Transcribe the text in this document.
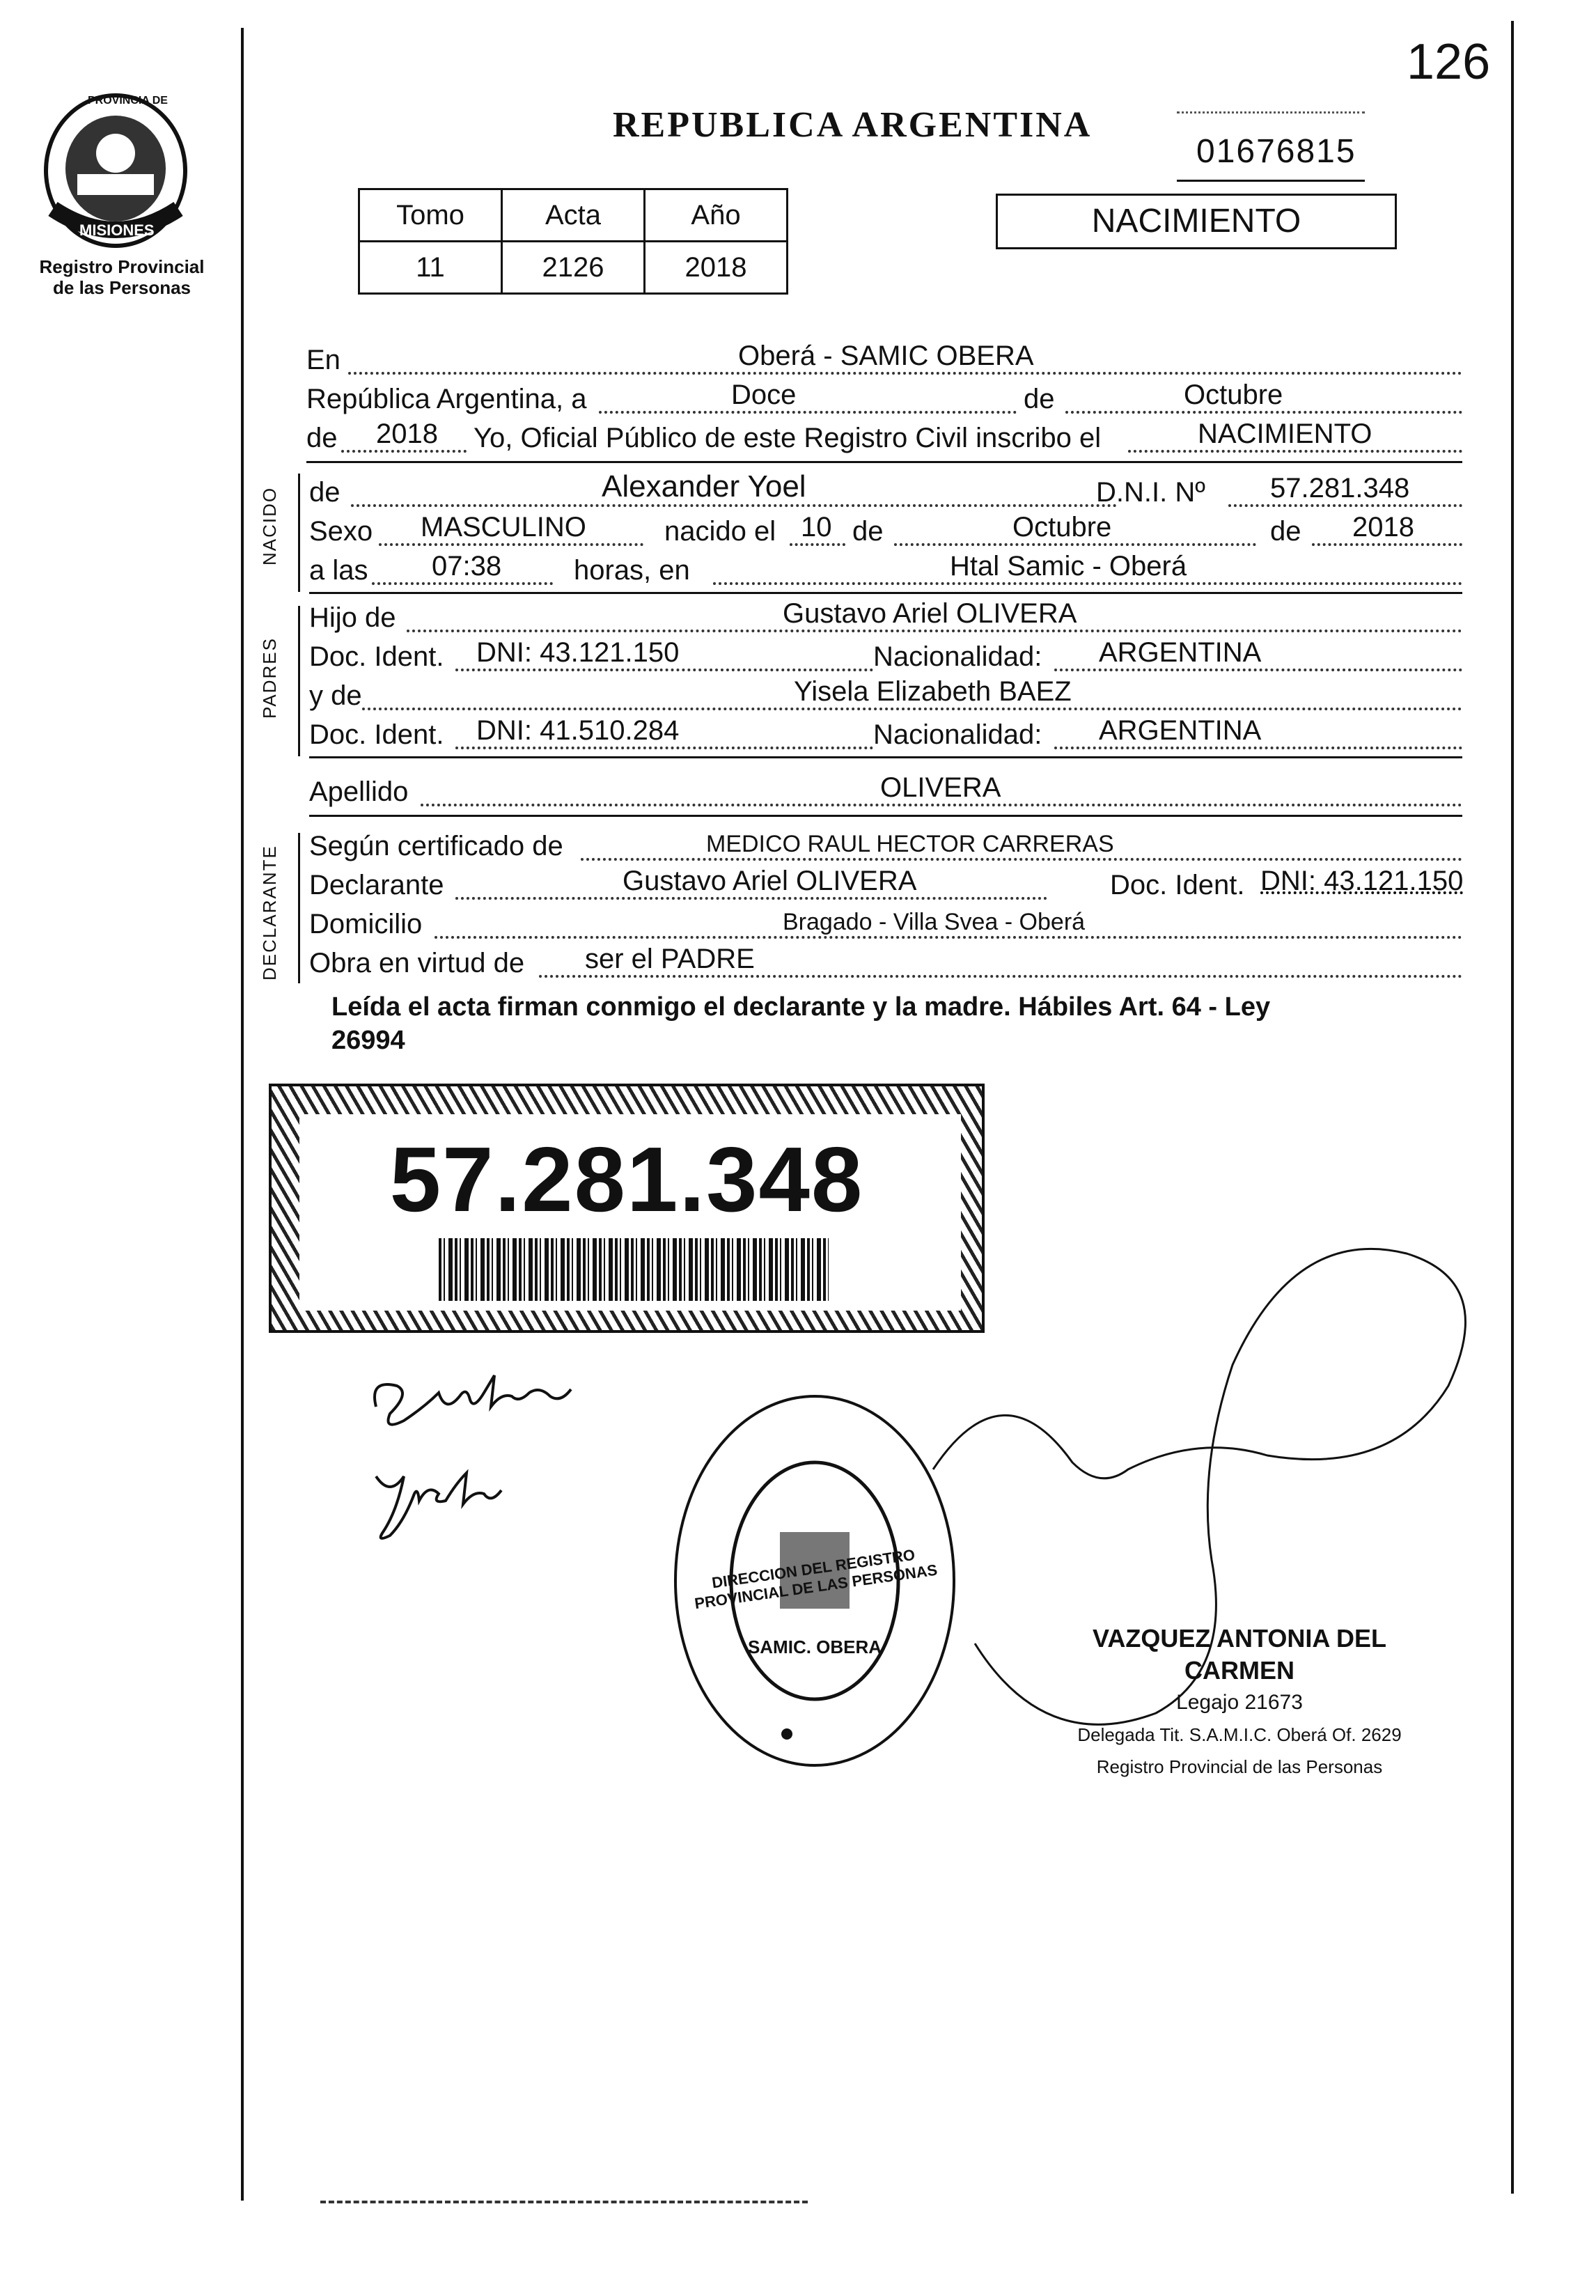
126
PROVINCIA DE
MISIONES
Registro Provincial
de las Personas
REPUBLICA ARGENTINA
01676815
Tomo	Acta	Año
11	2126	2018
NACIMIENTO
En	Oberá - SAMIC OBERA
República Argentina, a	Doce	de	Octubre
de 2018 Yo, Oficial Público de este Registro Civil inscribo el	NACIMIENTO
NACIDO de	Alexander Yoel	D.N.I. Nº 57.281.348
Sexo MASCULINO	nacido el 10 de	Octubre	de 2018
a las 07:38	horas, en	Htal Samic - Oberá
PADRES
Hijo de	Gustavo Ariel OLIVERA
Doc. Ident. DNI: 43.121.150	Nacionalidad: ARGENTINA
y de	Yisela Elizabeth BAEZ
Doc. Ident. DNI: 41.510.284	Nacionalidad: ARGENTINA
Apellido	OLIVERA
DECLARANTE Según certificado de	MEDICO RAUL HECTOR CARRERAS
Declarante	Gustavo Ariel OLIVERA	Doc. Ident. DNI: 43.121.150
Domicilio	Bragado - Villa Svea - Oberá
Obra en virtud de ser el PADRE
Leída el acta firman conmigo el declarante y la madre. Hábiles Art. 64 - Ley
26994
57.281.348
DIRECCION DEL REGISTRO PROVINCIAL DE LAS PERSONAS
SAMIC. OBERA	VAZQUEZ ANTONIA DEL CARMEN
Legajo 21673
Delegada Tit. S.A.M.I.C. Oberá Of. 2629
Registro Provincial de las Personas
